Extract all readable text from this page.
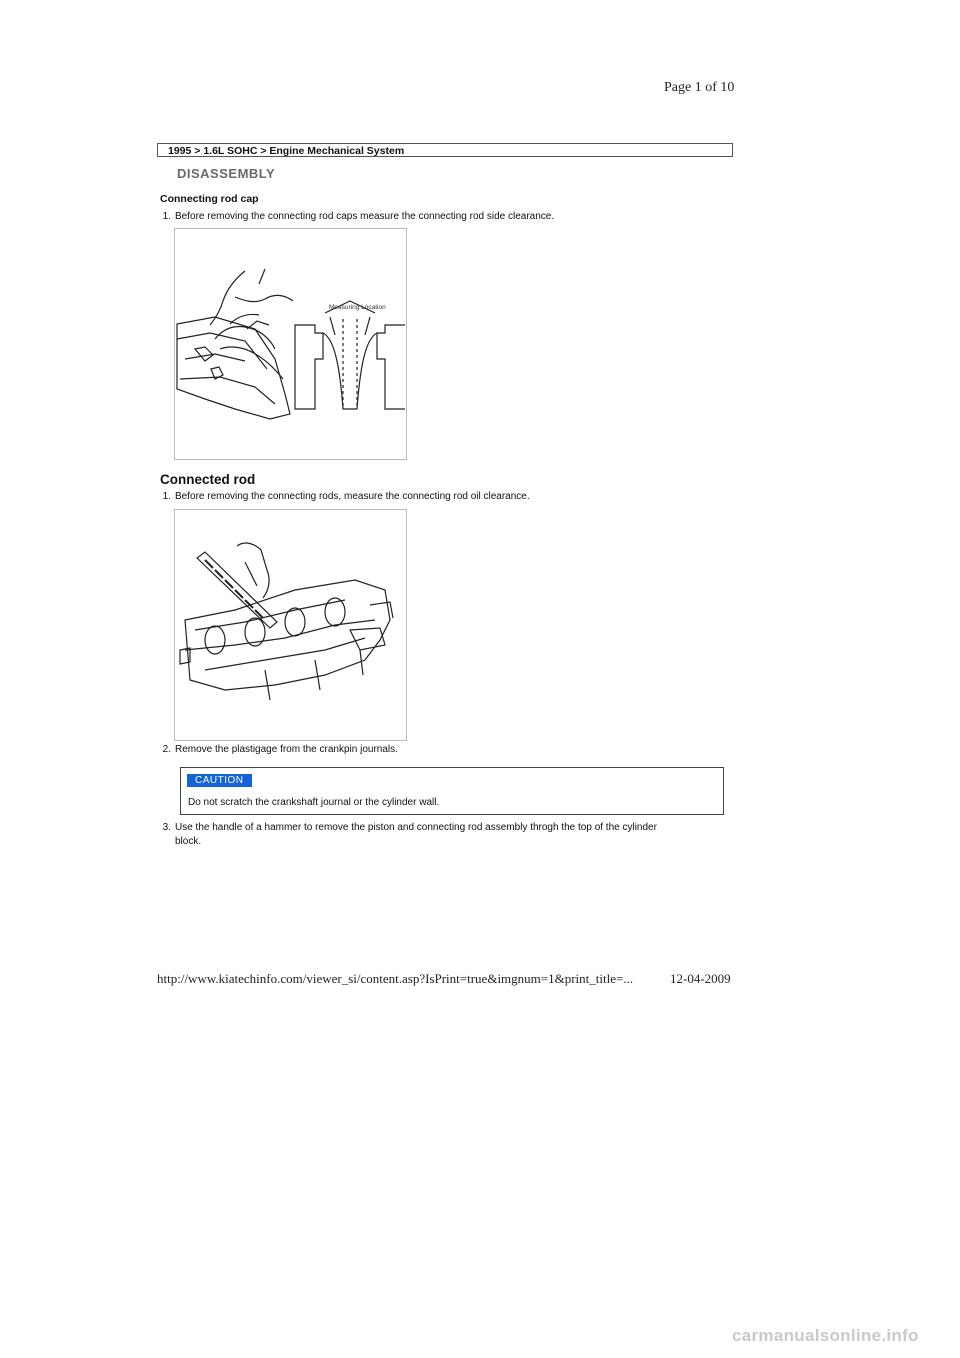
Page 1 of 10
1995 > 1.6L SOHC > Engine Mechanical System
DISASSEMBLY
Connecting rod cap
1. Before removing the connecting rod caps measure the connecting rod side clearance.
Measuring Location
Connected rod
1. Before removing the connecting rods, measure the connecting rod oil clearance.
2. Remove the plastigage from the crankpin journals.
CAUTION
Do not scratch the crankshaft journal or the cylinder wall.
3. Use the handle of a hammer to remove the piston and connecting rod assembly throgh the top of the cylinder
block.
http://www.kiatechinfo.com/viewer_si/content.asp?IsPrint=true&imgnum=1&print_title=...	12-04-2009
carmanualsonline.info
